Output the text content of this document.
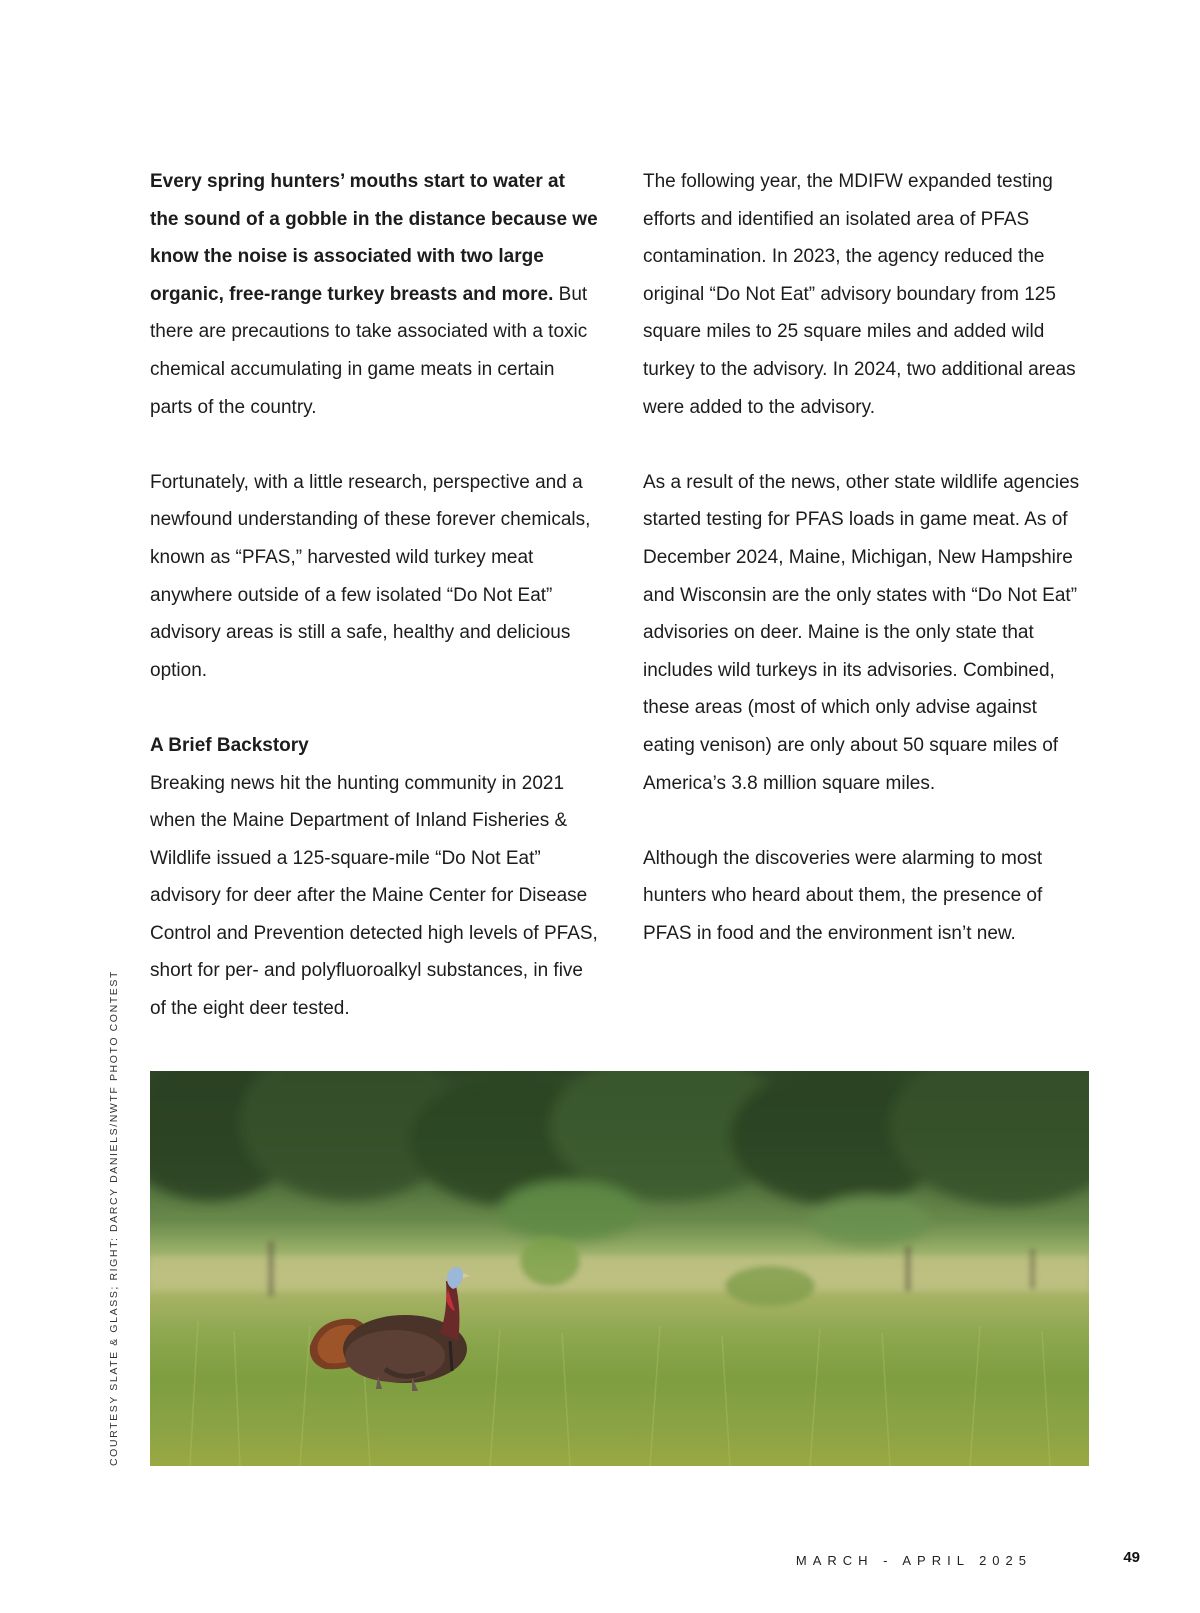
Every spring hunters’ mouths start to water at the sound of a gobble in the distance because we know the noise is associated with two large organic, free-range turkey breasts and more. But there are precautions to take associated with a toxic chemical accumulating in game meats in certain parts of the country.

Fortunately, with a little research, perspective and a newfound understanding of these forever chemicals, known as “PFAS,” harvested wild turkey meat anywhere outside of a few isolated “Do Not Eat” advisory areas is still a safe, healthy and delicious option.

A Brief Backstory

Breaking news hit the hunting community in 2021 when the Maine Department of Inland Fisheries & Wildlife issued a 125-square-mile “Do Not Eat” advisory for deer after the Maine Center for Disease Control and Prevention detected high levels of PFAS, short for per- and polyfluoroalkyl substances, in five of the eight deer tested.

The following year, the MDIFW expanded testing efforts and identified an isolated area of PFAS contamination. In 2023, the agency reduced the original “Do Not Eat” advisory boundary from 125 square miles to 25 square miles and added wild turkey to the advisory. In 2024, two additional areas were added to the advisory.

As a result of the news, other state wildlife agencies started testing for PFAS loads in game meat. As of December 2024, Maine, Michigan, New Hampshire and Wisconsin are the only states with “Do Not Eat” advisories on deer. Maine is the only state that includes wild turkeys in its advisories. Combined, these areas (most of which only advise against eating venison) are only about 50 square miles of America’s 3.8 million square miles.

Although the discoveries were alarming to most hunters who heard about them, the presence of PFAS in food and the environment isn’t new.

COURTESY SLATE & GLASS; RIGHT: DARCY DANIELS/NWTF PHOTO CONTEST
MARCH - APRIL 2025	49
